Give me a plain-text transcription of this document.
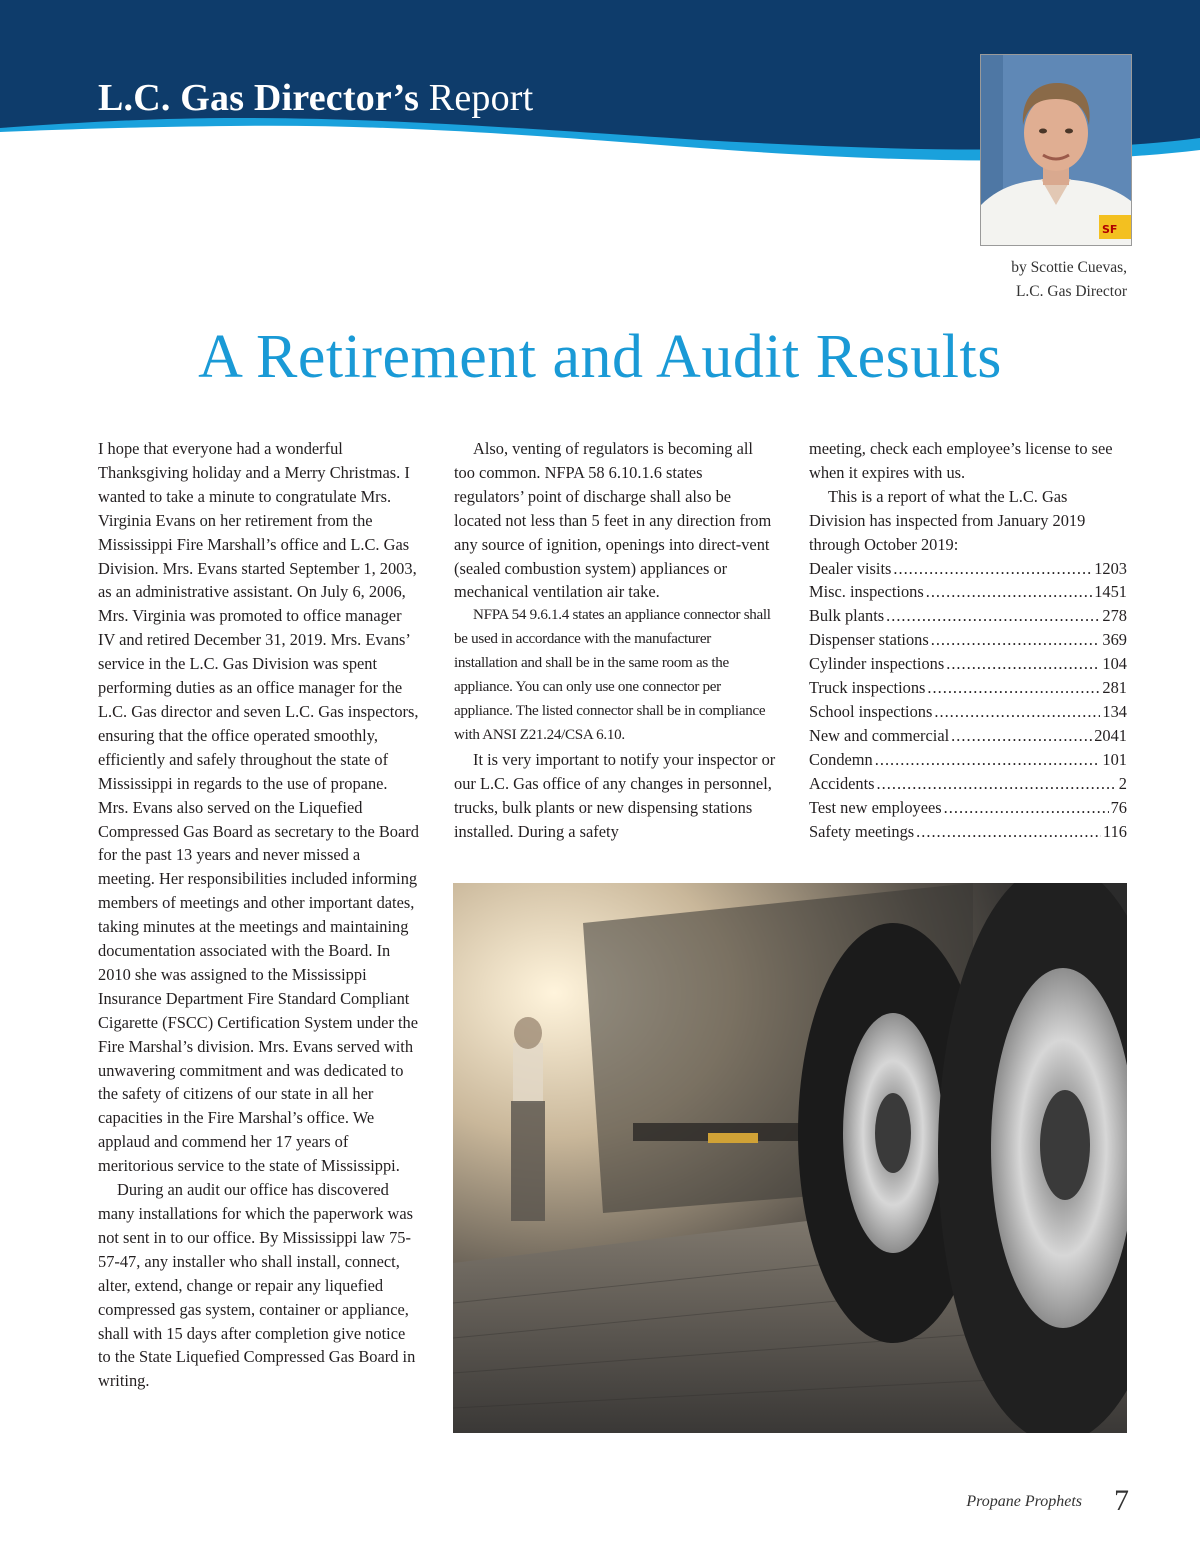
L.C. Gas Director’s Report
SF
by Scottie Cuevas,
L.C. Gas Director
A Retirement and Audit Results

I hope that everyone had a wonderful Thanksgiving holiday and a Merry Christmas. I wanted to take a minute to congratulate Mrs. Virginia Evans on her retirement from the Mississippi Fire Marshall’s office and L.C. Gas Division. Mrs. Evans started September 1, 2003, as an administrative assistant. On July 6, 2006, Mrs. Virginia was promoted to office manager IV and retired December 31, 2019. Mrs. Evans’ service in the L.C. Gas Division was spent performing duties as an office manager for the L.C. Gas director and seven L.C. Gas inspectors, ensuring that the office operated smoothly, efficiently and safely throughout the state of Mississippi in regards to the use of propane. Mrs. Evans also served on the Liquefied Compressed Gas Board as secretary to the Board for the past 13 years and never missed a meeting. Her responsibilities included informing members of meetings and other important dates, taking minutes at the meetings and maintaining documentation associated with the Board. In 2010 she was assigned to the Mississippi Insurance Department Fire Standard Compliant Cigarette (FSCC) Certification System under the Fire Marshal’s division. Mrs. Evans served with unwavering commitment and was dedicated to the safety of citizens of our state in all her capacities in the Fire Marshal’s office. We applaud and commend her 17 years of meritorious service to the state of Mississippi.

During an audit our office has discovered many installations for which the paperwork was not sent in to our office. By Mississippi law 75-57-47, any installer who shall install, connect, alter, extend, change or repair any liquefied compressed gas system, container or appliance, shall with 15 days after completion give notice to the State Liquefied Compressed Gas Board in writing.

Also, venting of regulators is becoming all too common. NFPA 58 6.10.1.6 states regulators’ point of discharge shall also be located not less than 5 feet in any direction from any source of ignition, openings into direct-vent (sealed combustion system) appliances or mechanical ventilation air take.

NFPA 54 9.6.1.4 states an appliance connector shall be used in accordance with the manufacturer installation and shall be in the same room as the appliance. You can only use one connector per appliance. The listed connector shall be in compliance with ANSI Z21.24/CSA 6.10.

It is very important to notify your inspector or our L.C. Gas office of any changes in personnel, trucks, bulk plants or new dispensing stations installed. During a safety

meeting, check each employee’s license to see when it expires with us.

This is a report of what the L.C. Gas Division has inspected from January 2019 through October 2019:

Dealer visits .....	1203
Misc. inspections .....	1451
Bulk plants .....	278
Dispenser stations .....	369
Cylinder inspections .....	104
Truck inspections .....	281
School inspections .....	134
New and commercial .....	2041
Condemn .....	101
Accidents .....	2
Test new employees .....	76
Safety meetings .....	116
Propane Prophets 7
